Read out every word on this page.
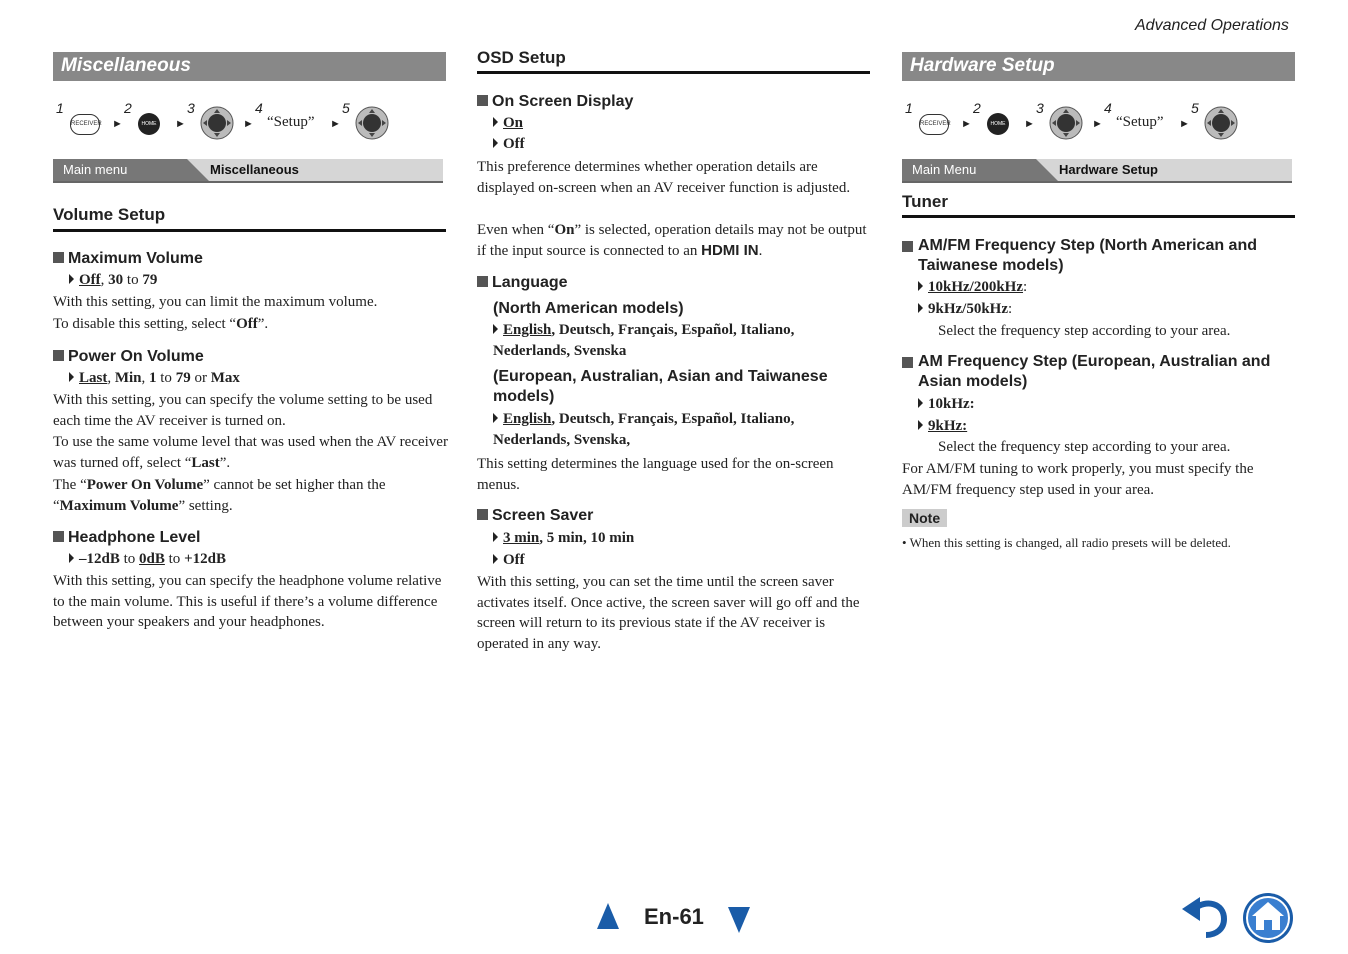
Advanced Operations
Miscellaneous
1
RECEIVER ►
2
HOME	►
3
►
4
“Setup” ►
5
Miscellaneous
Main menu
Volume Setup
Maximum Volume
Off, 30 to 79
With this setting, you can limit the maximum volume.
To disable this setting, select “Off”.
Power On Volume
Last, Min, 1 to 79 or Max
With this setting, you can specify the volume setting to be used each time the AV receiver is turned on.
To use the same volume level that was used when the AV receiver was turned off, select “Last”.
The “Power On Volume” cannot be set higher than the “Maximum Volume” setting.
Headphone Level
–12dB to 0dB to +12dB
With this setting, you can specify the headphone volume relative to the main volume. This is useful if there’s a volume difference between your speakers and your headphones.
OSD Setup
On Screen Display
On
Off
This preference determines whether operation details are displayed on-screen when an AV receiver function is adjusted.
Even when “On” is selected, operation details may not be output if the input source is connected to an HDMI IN.
Language
(North American models)
English, Deutsch, Français, Español, Italiano, Nederlands, Svenska
(European, Australian, Asian and Taiwanese models)
English, Deutsch, Français, Español, Italiano, Nederlands, Svenska,
This setting determines the language used for the on-screen menus.
Screen Saver
3 min, 5 min, 10 min
Off
With this setting, you can set the time until the screen saver activates itself. Once active, the screen saver will go off and the screen will return to its previous state if the AV receiver is operated in any way.
Hardware Setup
1
RECEIVER ►
2
HOME	►
3
►
4
“Setup” ►
5
Hardware Setup
Main Menu
Tuner
AM/FM Frequency Step (North American and Taiwanese models)
10kHz/200kHz:
9kHz/50kHz:
Select the frequency step according to your area.
AM Frequency Step (European, Australian and Asian models)
10kHz:
9kHz:
Select the frequency step according to your area.
For AM/FM tuning to work properly, you must specify the AM/FM frequency step used in your area.
Note
• When this setting is changed, all radio presets will be deleted.
En-61
